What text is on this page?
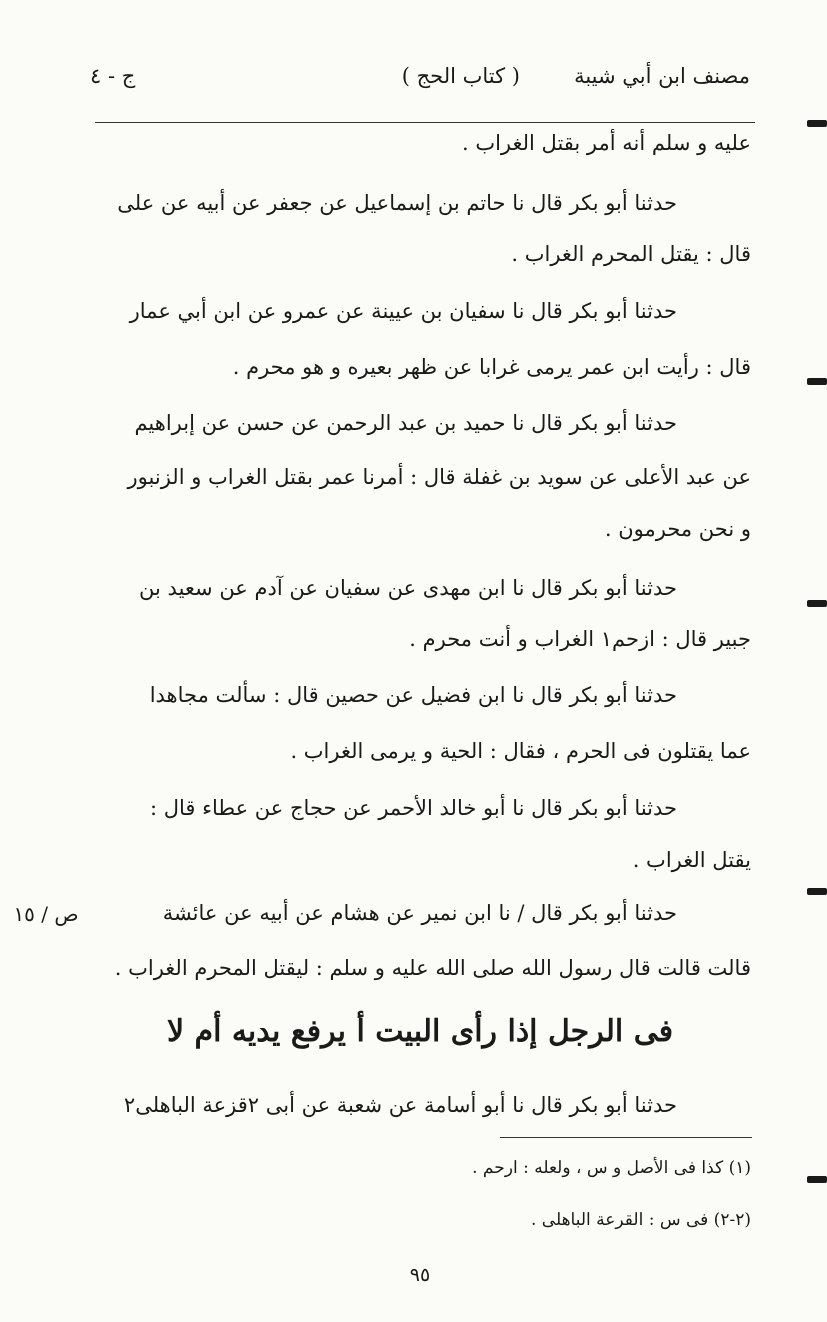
مصنف ابن أبي شيبة
( كتاب الحج )
ج - ٤
عليه و سلم أنه أمر بقتل الغراب .
حدثنا أبو بكر قال نا حاتم بن إسماعيل عن جعفر عن أبيه عن على
قال : يقتل المحرم الغراب .
حدثنا أبو بكر قال نا سفيان بن عيينة عن عمرو عن ابن أبي عمار
قال : رأيت ابن عمر يرمى غرابا عن ظهر بعيره و هو محرم .
حدثنا أبو بكر قال نا حميد بن عبد الرحمن عن حسن عن إبراهيم
عن عبد الأعلى عن سويد بن غفلة قال : أمرنا عمر بقتل الغراب و الزنبور
و نحن محرمون .
حدثنا أبو بكر قال نا ابن مهدى عن سفيان عن آدم عن سعيد بن
جبير قال : ازحم١ الغراب و أنت محرم .
حدثنا أبو بكر قال نا ابن فضيل عن حصين قال : سألت مجاهدا
عما يقتلون فى الحرم ، فقال : الحية و يرمى الغراب .
حدثنا أبو بكر قال نا أبو خالد الأحمر عن حجاج عن عطاء قال :
يقتل الغراب .
حدثنا أبو بكر قال / نا ابن نمير عن هشام عن أبيه عن عائشة
قالت قالت قال رسول الله صلى الله عليه و سلم : ليقتل المحرم الغراب .
ص / ١٥
فى الرجل إذا رأى البيت أ يرفع يديه أم لا
حدثنا أبو بكر قال نا أبو أسامة عن شعبة عن أبى ٢قزعة الباهلى٢
(١) كذا فى الأصل و س ، ولعله : ارحم .
(٢-٢) فى س : القرعة الباهلى .
٩٥
